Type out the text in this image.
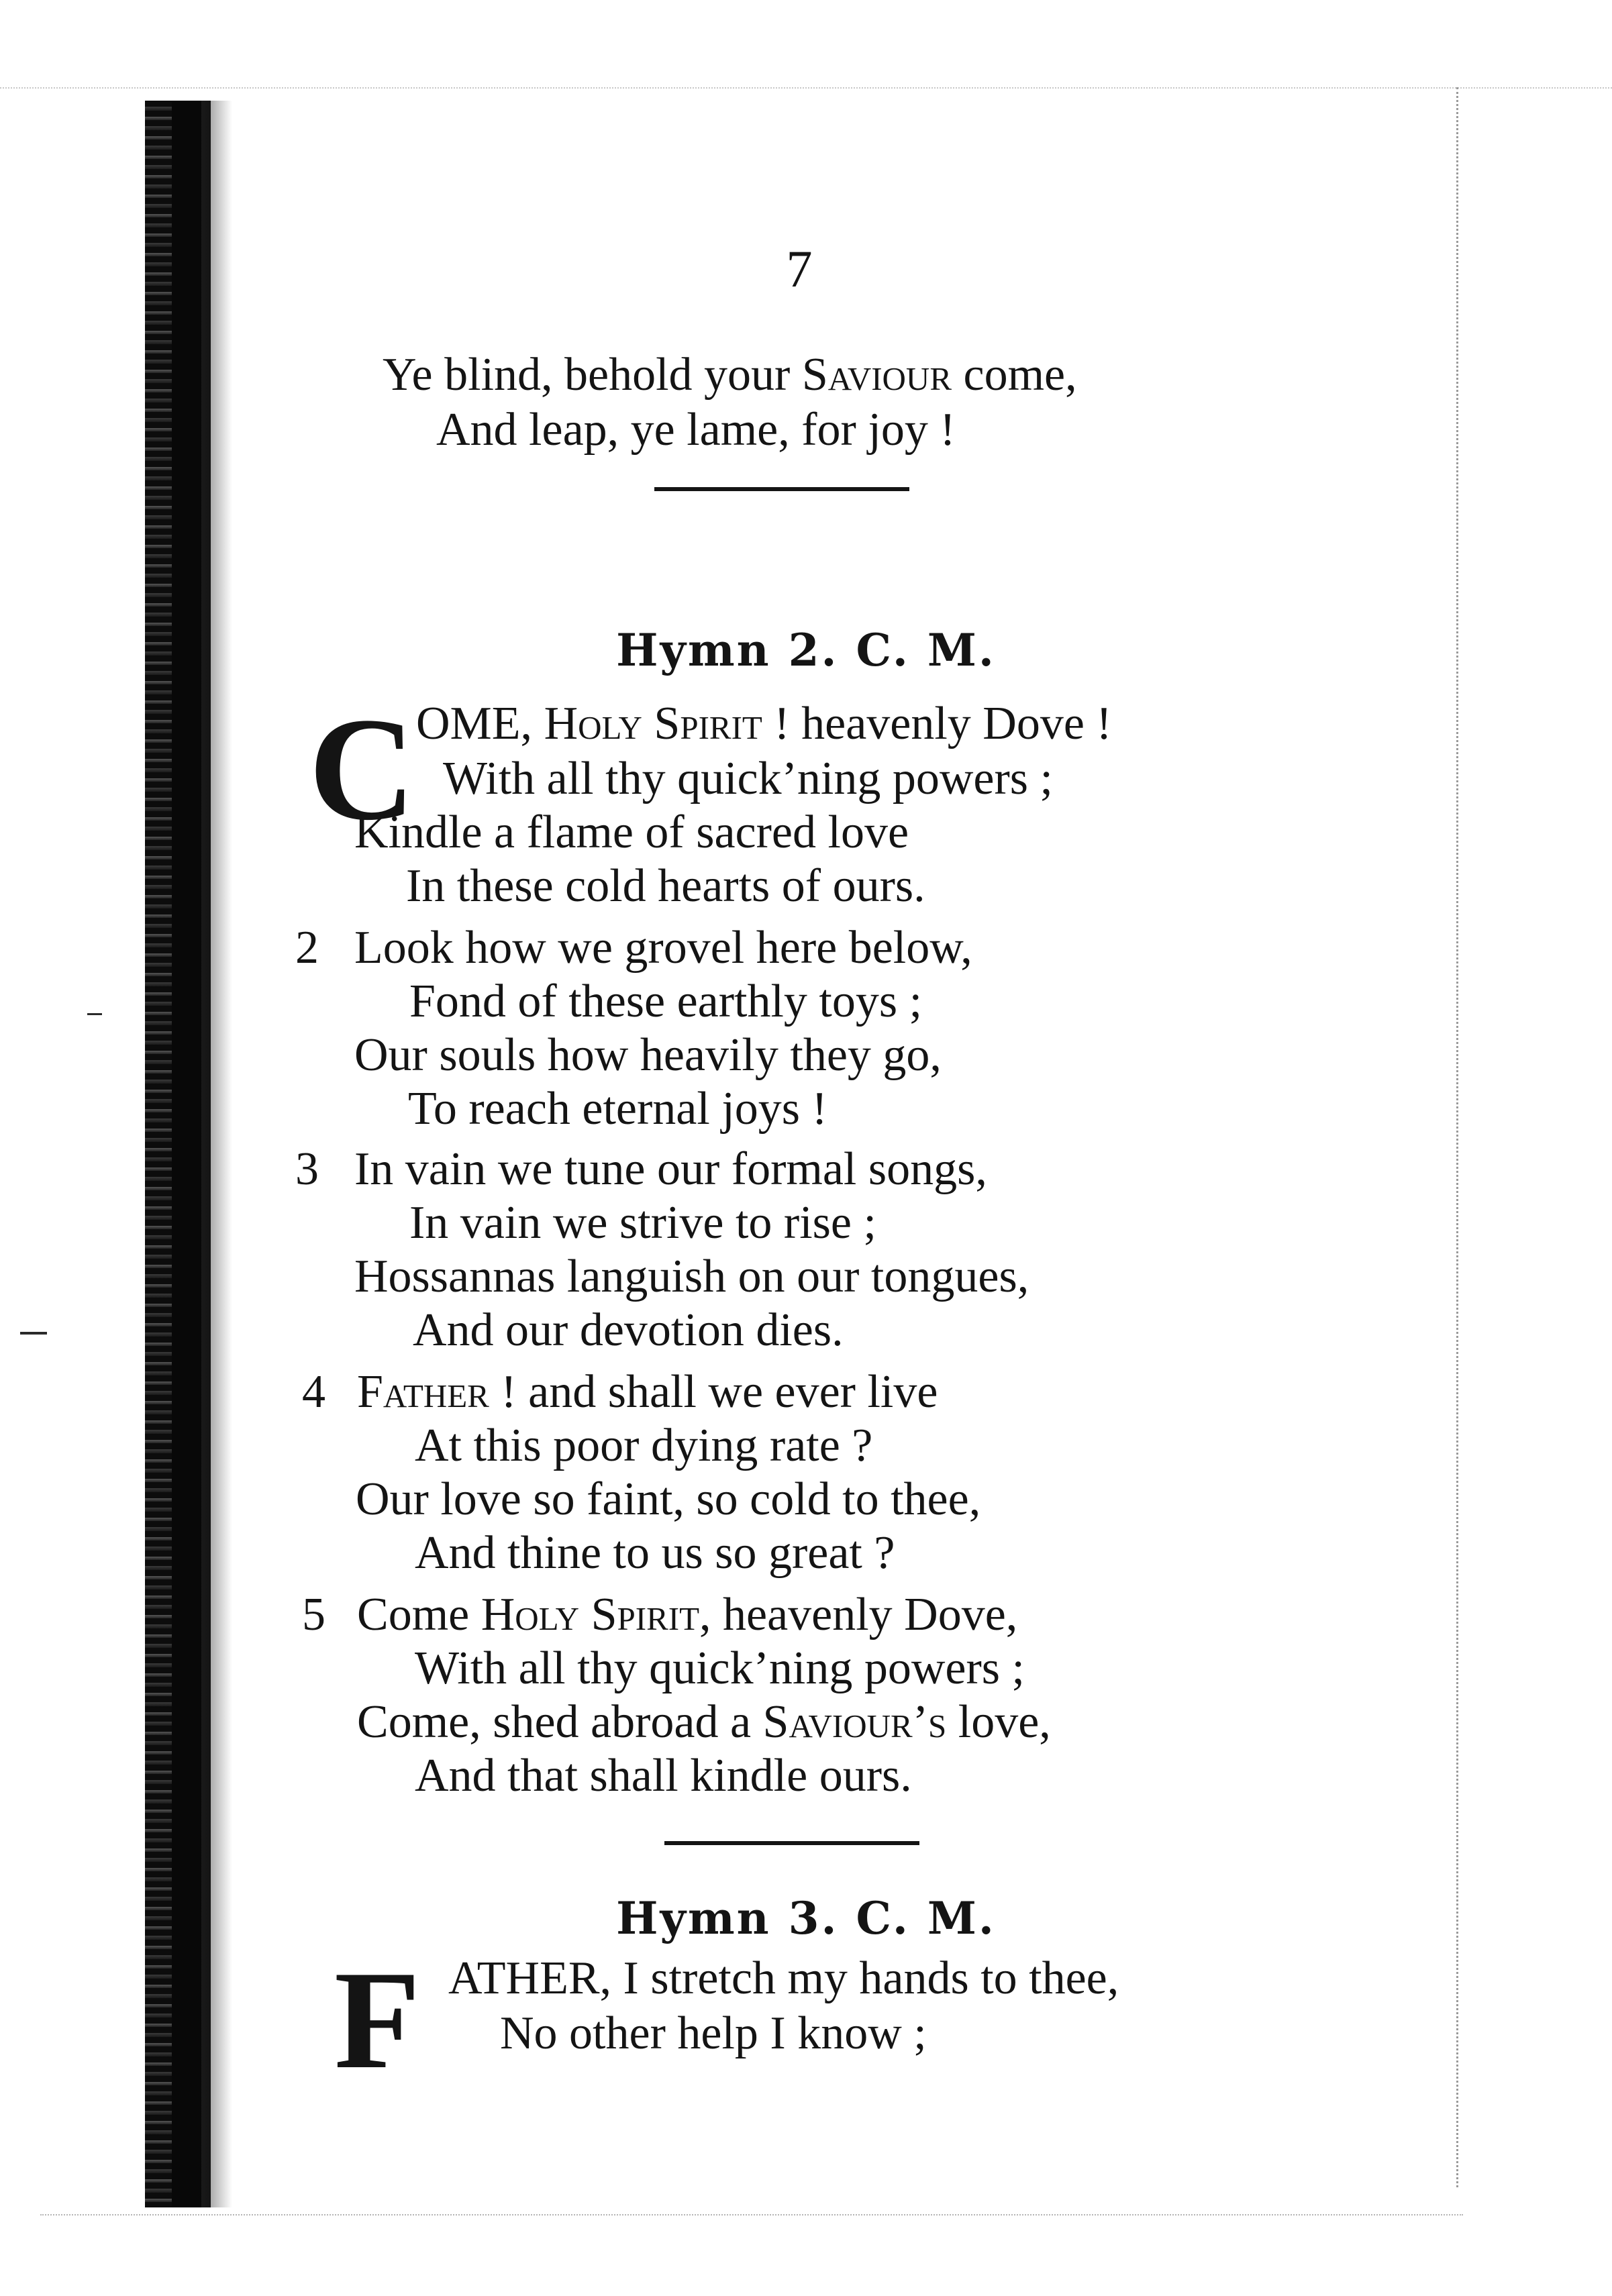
7
Ye blind, behold your Saviour come,
And leap, ye lame, for joy !
Hymn 2. C. M.
C OME, Holy Spirit ! heavenly Dove !
With all thy quick’ning powers ;
Kindle a flame of sacred love
In these cold hearts of ours.
2 Look how we grovel here below,
Fond of these earthly toys ;
Our souls how heavily they go,
To reach eternal joys !
3 In vain we tune our formal songs,
In vain we strive to rise ;
Hossannas languish on our tongues,
And our devotion dies.
4 Father ! and shall we ever live
At this poor dying rate ?
Our love so faint, so cold to thee,
And thine to us so great ?
5 Come Holy Spirit, heavenly Dove,
With all thy quick’ning powers ;
Come, shed abroad a Saviour’s love,
And that shall kindle ours.
Hymn 3. C. M.
F ATHER, I stretch my hands to thee,
No other help I know ;
